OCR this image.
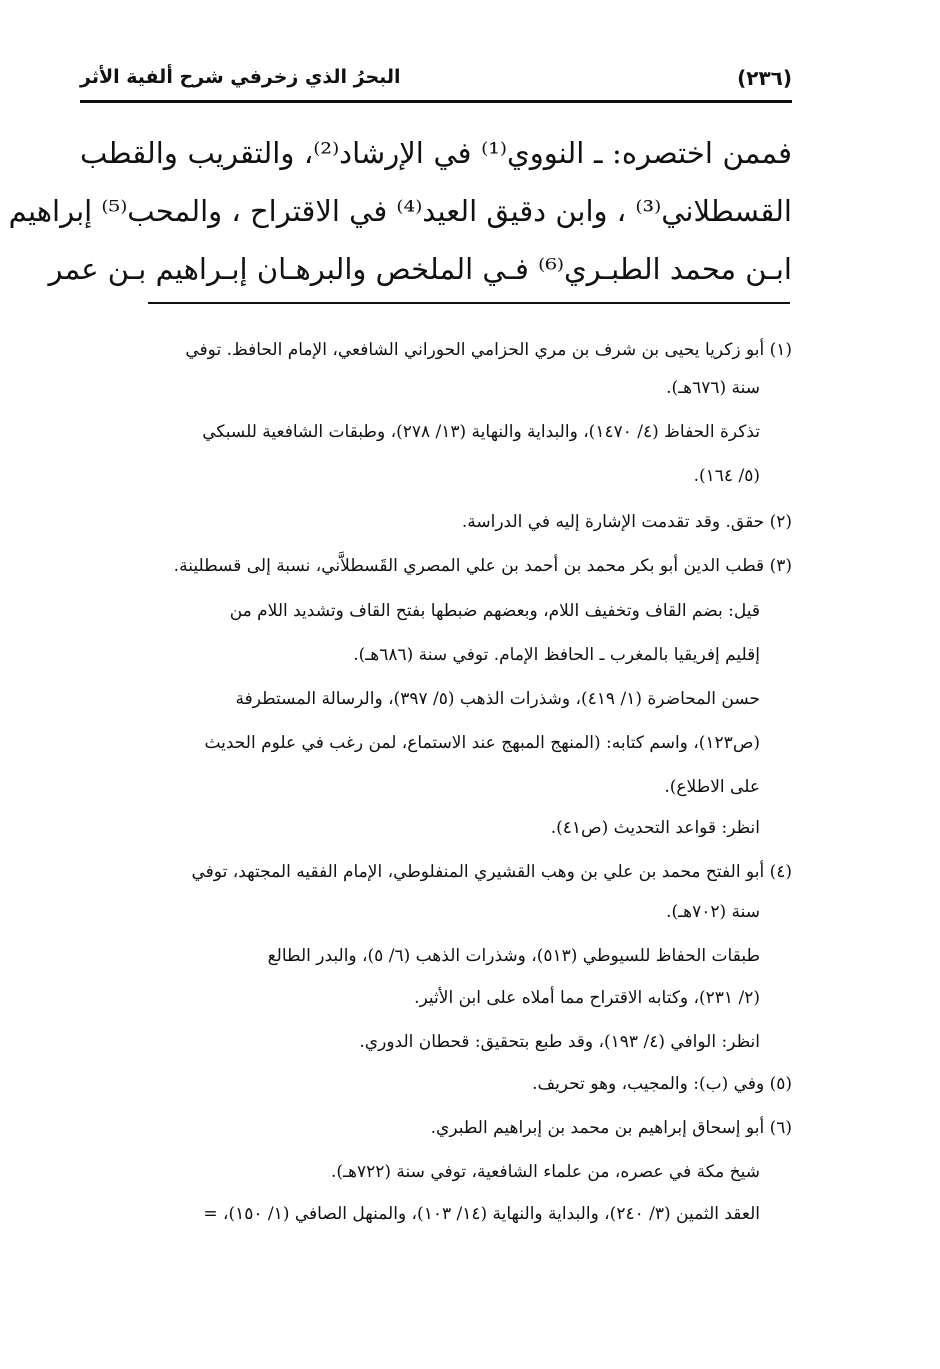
(٢٣٦)
البحرُ الذي زخرفي شرح ألفية الأثر
فممن اختصره: ـ النووي⁽¹⁾ في الإرشاد⁽²⁾، والتقريب والقطب
القسطلاني⁽³⁾ ، وابن دقيق العيد⁽⁴⁾ في الاقتراح ، والمحب⁽⁵⁾ إبراهيم
ابـن محمد الطبـري⁽⁶⁾ فـي الملخص والبرهـان إبـراهيم بـن عمر
(١) أبو زكريا يحيى بن شرف بن مري الحزامي الحوراني الشافعي، الإمام الحافظ. توفي
سنة (٦٧٦هـ).
تذكرة الحفاظ (٤/ ١٤٧٠)، والبداية والنهاية (١٣/ ٢٧٨)، وطبقات الشافعية للسبكي
(٥/ ١٦٤).
(٢) حقق. وقد تقدمت الإشارة إليه في الدراسة.
(٣) قطب الدين أبو بكر محمد بن أحمد بن علي المصري القَسطلاَّني، نسبة إلى قسطلينة.
قيل: بضم القاف وتخفيف اللام، وبعضهم ضبطها بفتح القاف وتشديد اللام من
إقليم إفريقيا بالمغرب ـ الحافظ الإمام. توفي سنة (٦٨٦هـ).
حسن المحاضرة (١/ ٤١٩)، وشذرات الذهب (٥/ ٣٩٧)، والرسالة المستطرفة
(ص١٢٣)، واسم كتابه: (المنهج المبهج عند الاستماع، لمن رغب في علوم الحديث
على الاطلاع).
انظر: قواعد التحديث (ص٤١).
(٤) أبو الفتح محمد بن علي بن وهب القشيري المنفلوطي، الإمام الفقيه المجتهد، توفي
سنة (٧٠٢هـ).
طبقات الحفاظ للسيوطي (٥١٣)، وشذرات الذهب (٦/ ٥)، والبدر الطالع
(٢/ ٢٣١)، وكتابه الاقتراح مما أملاه على ابن الأثير.
انظر: الوافي (٤/ ١٩٣)، وقد طبع بتحقيق: قحطان الدوري.
(٥) وفي (ب): والمجيب، وهو تحريف.
(٦) أبو إسحاق إبراهيم بن محمد بن إبراهيم الطبري.
شيخ مكة في عصره، من علماء الشافعية، توفي سنة (٧٢٢هـ).
العقد الثمين (٣/ ٢٤٠)، والبداية والنهاية (١٤/ ١٠٣)، والمنهل الصافي (١/ ١٥٠)، =
